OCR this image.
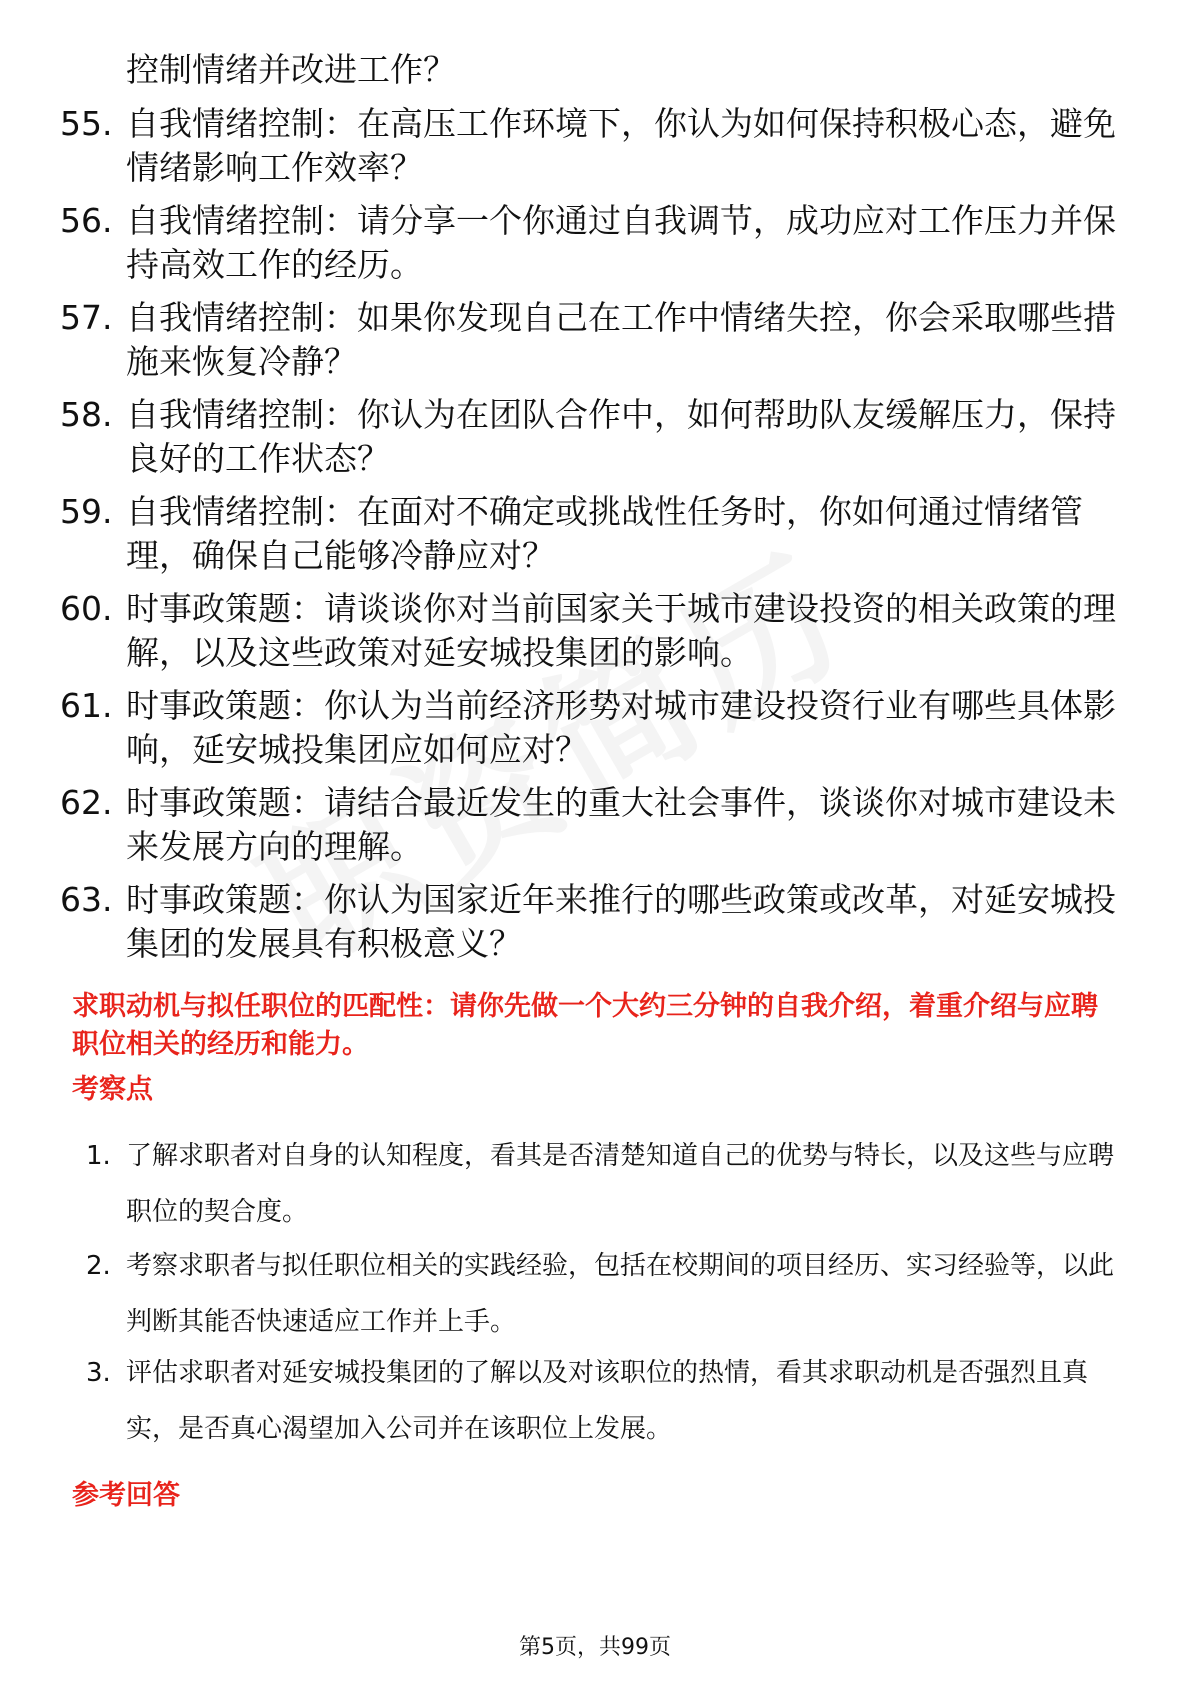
控制情绪并改进工作？
55. 自我情绪控制：在高压工作环境下，你认为如何保持积极心态，避免情绪影响工作效率？
56. 自我情绪控制：请分享一个你通过自我调节，成功应对工作压力并保持高效工作的经历。
57. 自我情绪控制：如果你发现自己在工作中情绪失控，你会采取哪些措施来恢复冷静？
58. 自我情绪控制：你认为在团队合作中，如何帮助队友缓解压力，保持良好的工作状态？
59. 自我情绪控制：在面对不确定或挑战性任务时，你如何通过情绪管理，确保自己能够冷静应对？
60. 时事政策题：请谈谈你对当前国家关于城市建设投资的相关政策的理解，以及这些政策对延安城投集团的影响。
61. 时事政策题：你认为当前经济形势对城市建设投资行业有哪些具体影响，延安城投集团应如何应对？
62. 时事政策题：请结合最近发生的重大社会事件，谈谈你对城市建设未来发展方向的理解。
63. 时事政策题：你认为国家近年来推行的哪些政策或改革，对延安城投集团的发展具有积极意义？
求职动机与拟任职位的匹配性：请你先做一个大约三分钟的自我介绍，着重介绍与应聘职位相关的经历和能力。
考察点
1. 了解求职者对自身的认知程度，看其是否清楚知道自己的优势与特长，以及这些与应聘职位的契合度。
2. 考察求职者与拟任职位相关的实践经验，包括在校期间的项目经历、实习经验等，以此判断其能否快速适应工作并上手。
3. 评估求职者对延安城投集团的了解以及对该职位的热情，看其求职动机是否强烈且真实，是否真心渴望加入公司并在该职位上发展。
参考回答
第5页，共99页
